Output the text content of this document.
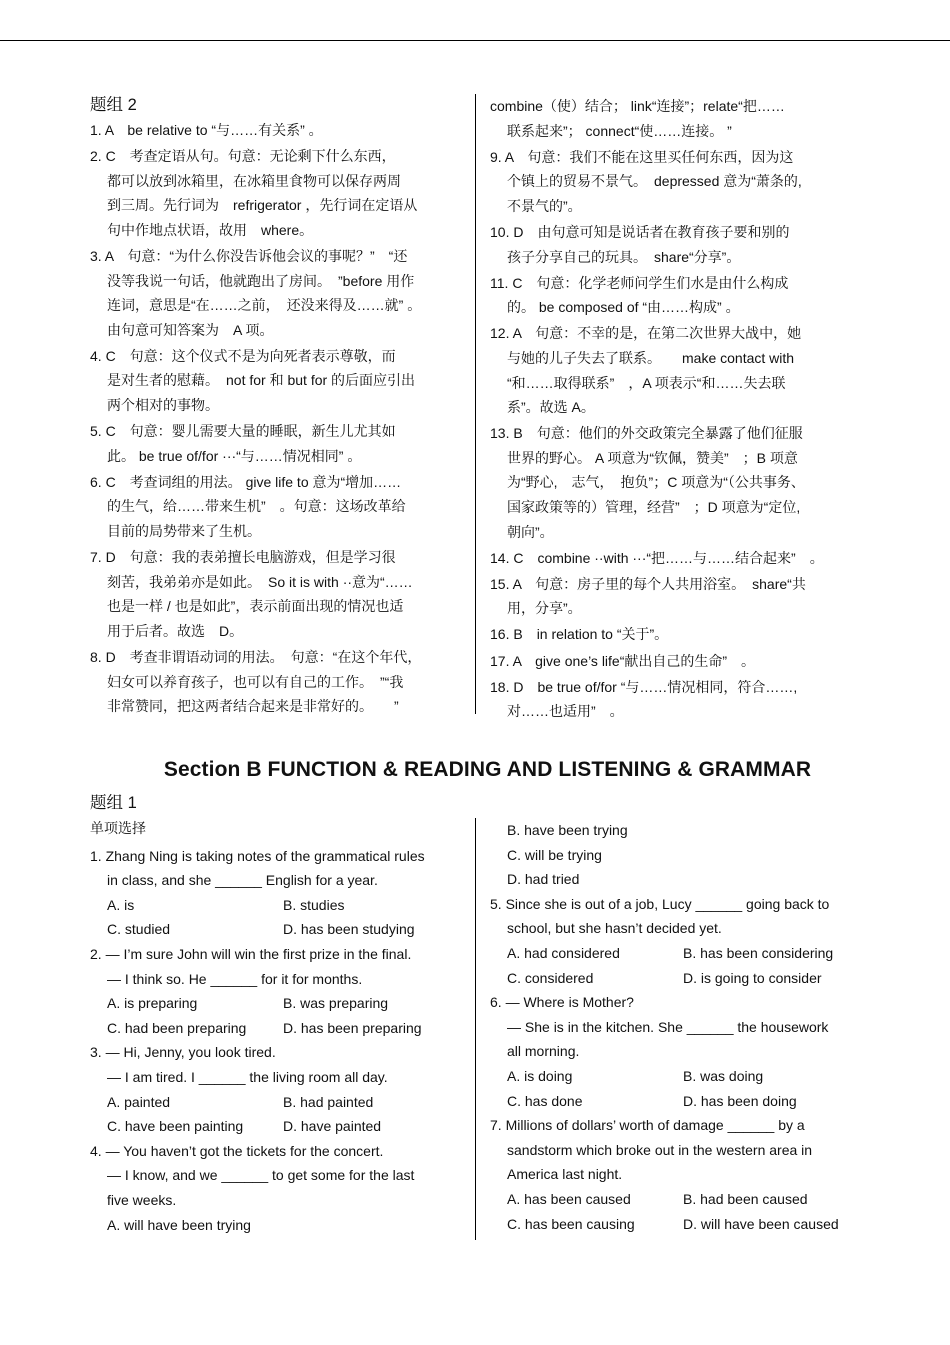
题组 2

1. A　be relative to “与……有关系” 。

2. C　考查定语从句。句意：无论剩下什么东西，

都可以放到冰箱里，在冰箱里食物可以保存两周

到三周。先行词为　refrigerator ，先行词在定语从

句中作地点状语，故用　where。

3. A　句意：“为什么你没告诉他会议的事呢？”　“还

没等我说一句话，他就跑出了房间。　”before 用作

连词，意思是“在……之前，　还没来得及……就” 。

由句意可知答案为　A 项。

4. C　句意：这个仪式不是为向死者表示尊敬，而

是对生者的慰藉。　not for 和 but for 的后面应引出

两个相对的事物。

5. C　句意：婴儿需要大量的睡眠，新生儿尤其如

此。 be true of/for ···“与……情况相同” 。

6. C　考查词组的用法。 give life to 意为“增加……

的生气，给……带来生机”　。句意：这场改革给

目前的局势带来了生机。

7. D　句意：我的表弟擅长电脑游戏，但是学习很

刻苦，我弟弟亦是如此。　So it is with ··意为“……

也是一样 / 也是如此”，表示前面出现的情况也适

用于后者。故选　D。

8. D　考查非谓语动词的用法。　句意：“在这个年代，

妇女可以养育孩子，也可以有自己的工作。　”“我

非常赞同，把这两者结合起来是非常好的。　　”

combine（使）结合； link“连接”；relate“把……

联系起来”； connect“使……连接。 ”

9. A　句意：我们不能在这里买任何东西，因为这

个镇上的贸易不景气。　depressed 意为“萧条的,

不景气的”。

10. D　由句意可知是说话者在教育孩子要和别的

孩子分享自己的玩具。　share“分享”。

11. C　句意：化学老师问学生们水是由什么构成

的。 be composed of “由……构成” 。

12. A　句意：不幸的是，在第二次世界大战中，她

与她的儿子失去了联系。　　make contact with

“和……取得联系”　，A 项表示“和……失去联

系”。故选 A。

13. B　句意：他们的外交政策完全暴露了他们征服

世界的野心。 A 项意为“钦佩，赞美”　；B 项意

为“野心,　志气，　抱负”；C 项意为“（公共事务、

国家政策等的）管理，经营”　；D 项意为“定位,

朝向”。

14. C　combine ··with ···“把……与……结合起来”　。

15. A　句意：房子里的每个人共用浴室。　share“共

用，分享”。

16. B　in relation to “关于”。

17. A　give one’s life“献出自己的生命”　。

18. D　be true of/for “与……情况相同，符合……,

对……也适用”　。

Section B FUNCTION & READING AND LISTENING & GRAMMAR

题组 1

单项选择

1. Zhang Ning is taking notes of the grammatical rules

in class, and she ______ English for a year.

A. is	B. studies
C. studied	D. has been studying

2. — I’m sure John will win the first prize in the final.

— I think so. He ______ for it for months.

A. is preparing	B. was preparing
C. had been preparing	D. has been preparing

3. — Hi, Jenny, you look tired.

— I am tired. I ______ the living room all day.

A. painted	B. had painted
C. have been painting	D. have painted

4. — You haven’t got the tickets for the concert.

— I know, and we ______ to get some for the last

five weeks.

A. will have been trying

B. have been trying

C. will be trying

D. had tried

5. Since she is out of a job, Lucy ______ going back to

school, but she hasn’t decided yet.

A. had considered	B. has been considering
C. considered	D. is going to consider

6. — Where is Mother?

— She is in the kitchen. She ______ the housework

all morning.

A. is doing	B. was doing
C. has done	D. has been doing

7. Millions of dollars’ worth of damage ______ by a

sandstorm which broke out in the western area in

America last night.

A. has been caused	B. had been caused
C. has been causing	D. will have been caused
